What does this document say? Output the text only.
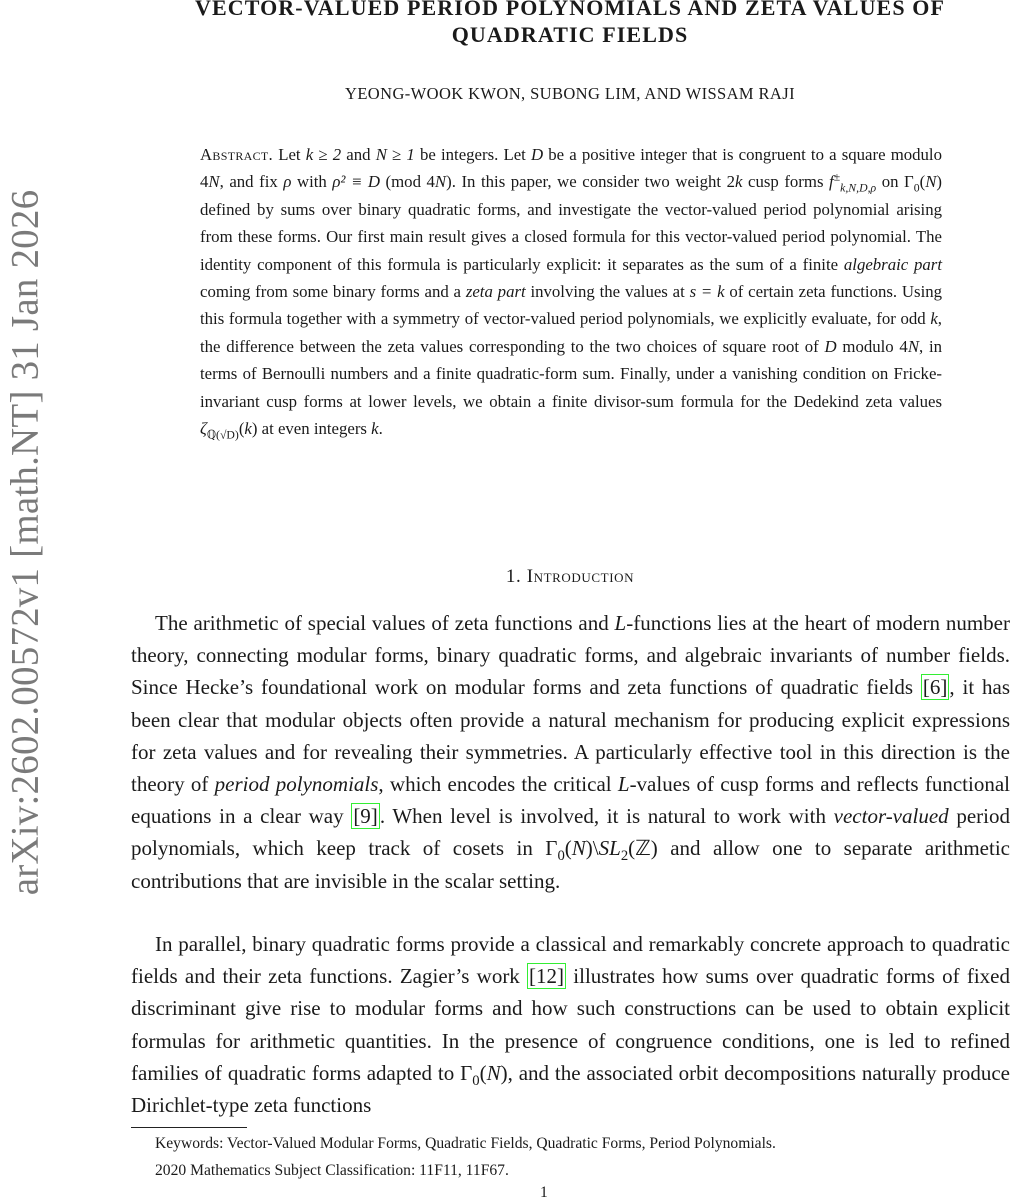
arXiv:2602.00572v1 [math.NT] 31 Jan 2026
VECTOR-VALUED PERIOD POLYNOMIALS AND ZETA VALUES OF
QUADRATIC FIELDS
YEONG-WOOK KWON, SUBONG LIM, AND WISSAM RAJI
Abstract. Let k ≥ 2 and N ≥ 1 be integers. Let D be a positive integer that is congruent to a square modulo 4N, and fix ρ with ρ² ≡ D (mod 4N). In this paper, we consider two weight 2k cusp forms $f^\pm_{k,N,D,\rho}$ on $\Gamma_0(N)$ defined by sums over binary quadratic forms, and investigate the vector-valued period polynomial arising from these forms. Our first main result gives a closed formula for this vector-valued period polynomial. The identity component of this formula is particularly explicit: it separates as the sum of a finite algebraic part coming from some binary forms and a zeta part involving the values at s = k of certain zeta functions. Using this formula together with a symmetry of vector-valued period polynomials, we explicitly evaluate, for odd k, the difference between the zeta values corresponding to the two choices of square root of D modulo 4N, in terms of Bernoulli numbers and a finite quadratic-form sum. Finally, under a vanishing condition on Fricke-invariant cusp forms at lower levels, we obtain a finite divisor-sum formula for the Dedekind zeta values $\zeta_{ℚ(√D)}(k)$ at even integers k.
1. Introduction

The arithmetic of special values of zeta functions and L-functions lies at the heart of modern number theory, connecting modular forms, binary quadratic forms, and algebraic invariants of number fields. Since Hecke’s foundational work on modular forms and zeta functions of quadratic fields [6], it has been clear that modular objects often provide a natural mechanism for producing explicit expressions for zeta values and for revealing their symmetries. A particularly effective tool in this direction is the theory of period polynomials, which encodes the critical L-values of cusp forms and reflects functional equations in a clear way [9]. When level is involved, it is natural to work with vector-valued period polynomials, which keep track of cosets in $\Gamma_0(N)\backslash SL_2(ℤ)$ and allow one to separate arithmetic contributions that are invisible in the scalar setting.

In parallel, binary quadratic forms provide a classical and remarkably concrete approach to quadratic fields and their zeta functions. Zagier’s work [12] illustrates how sums over quadratic forms of fixed discriminant give rise to modular forms and how such constructions can be used to obtain explicit formulas for arithmetic quantities. In the presence of congruence conditions, one is led to refined families of quadratic forms adapted to $\Gamma_0(N)$, and the associated orbit decompositions naturally produce Dirichlet-type zeta functions

Keywords: Vector-Valued Modular Forms, Quadratic Fields, Quadratic Forms, Period Polynomials.
2020 Mathematics Subject Classification: 11F11, 11F67.
1
